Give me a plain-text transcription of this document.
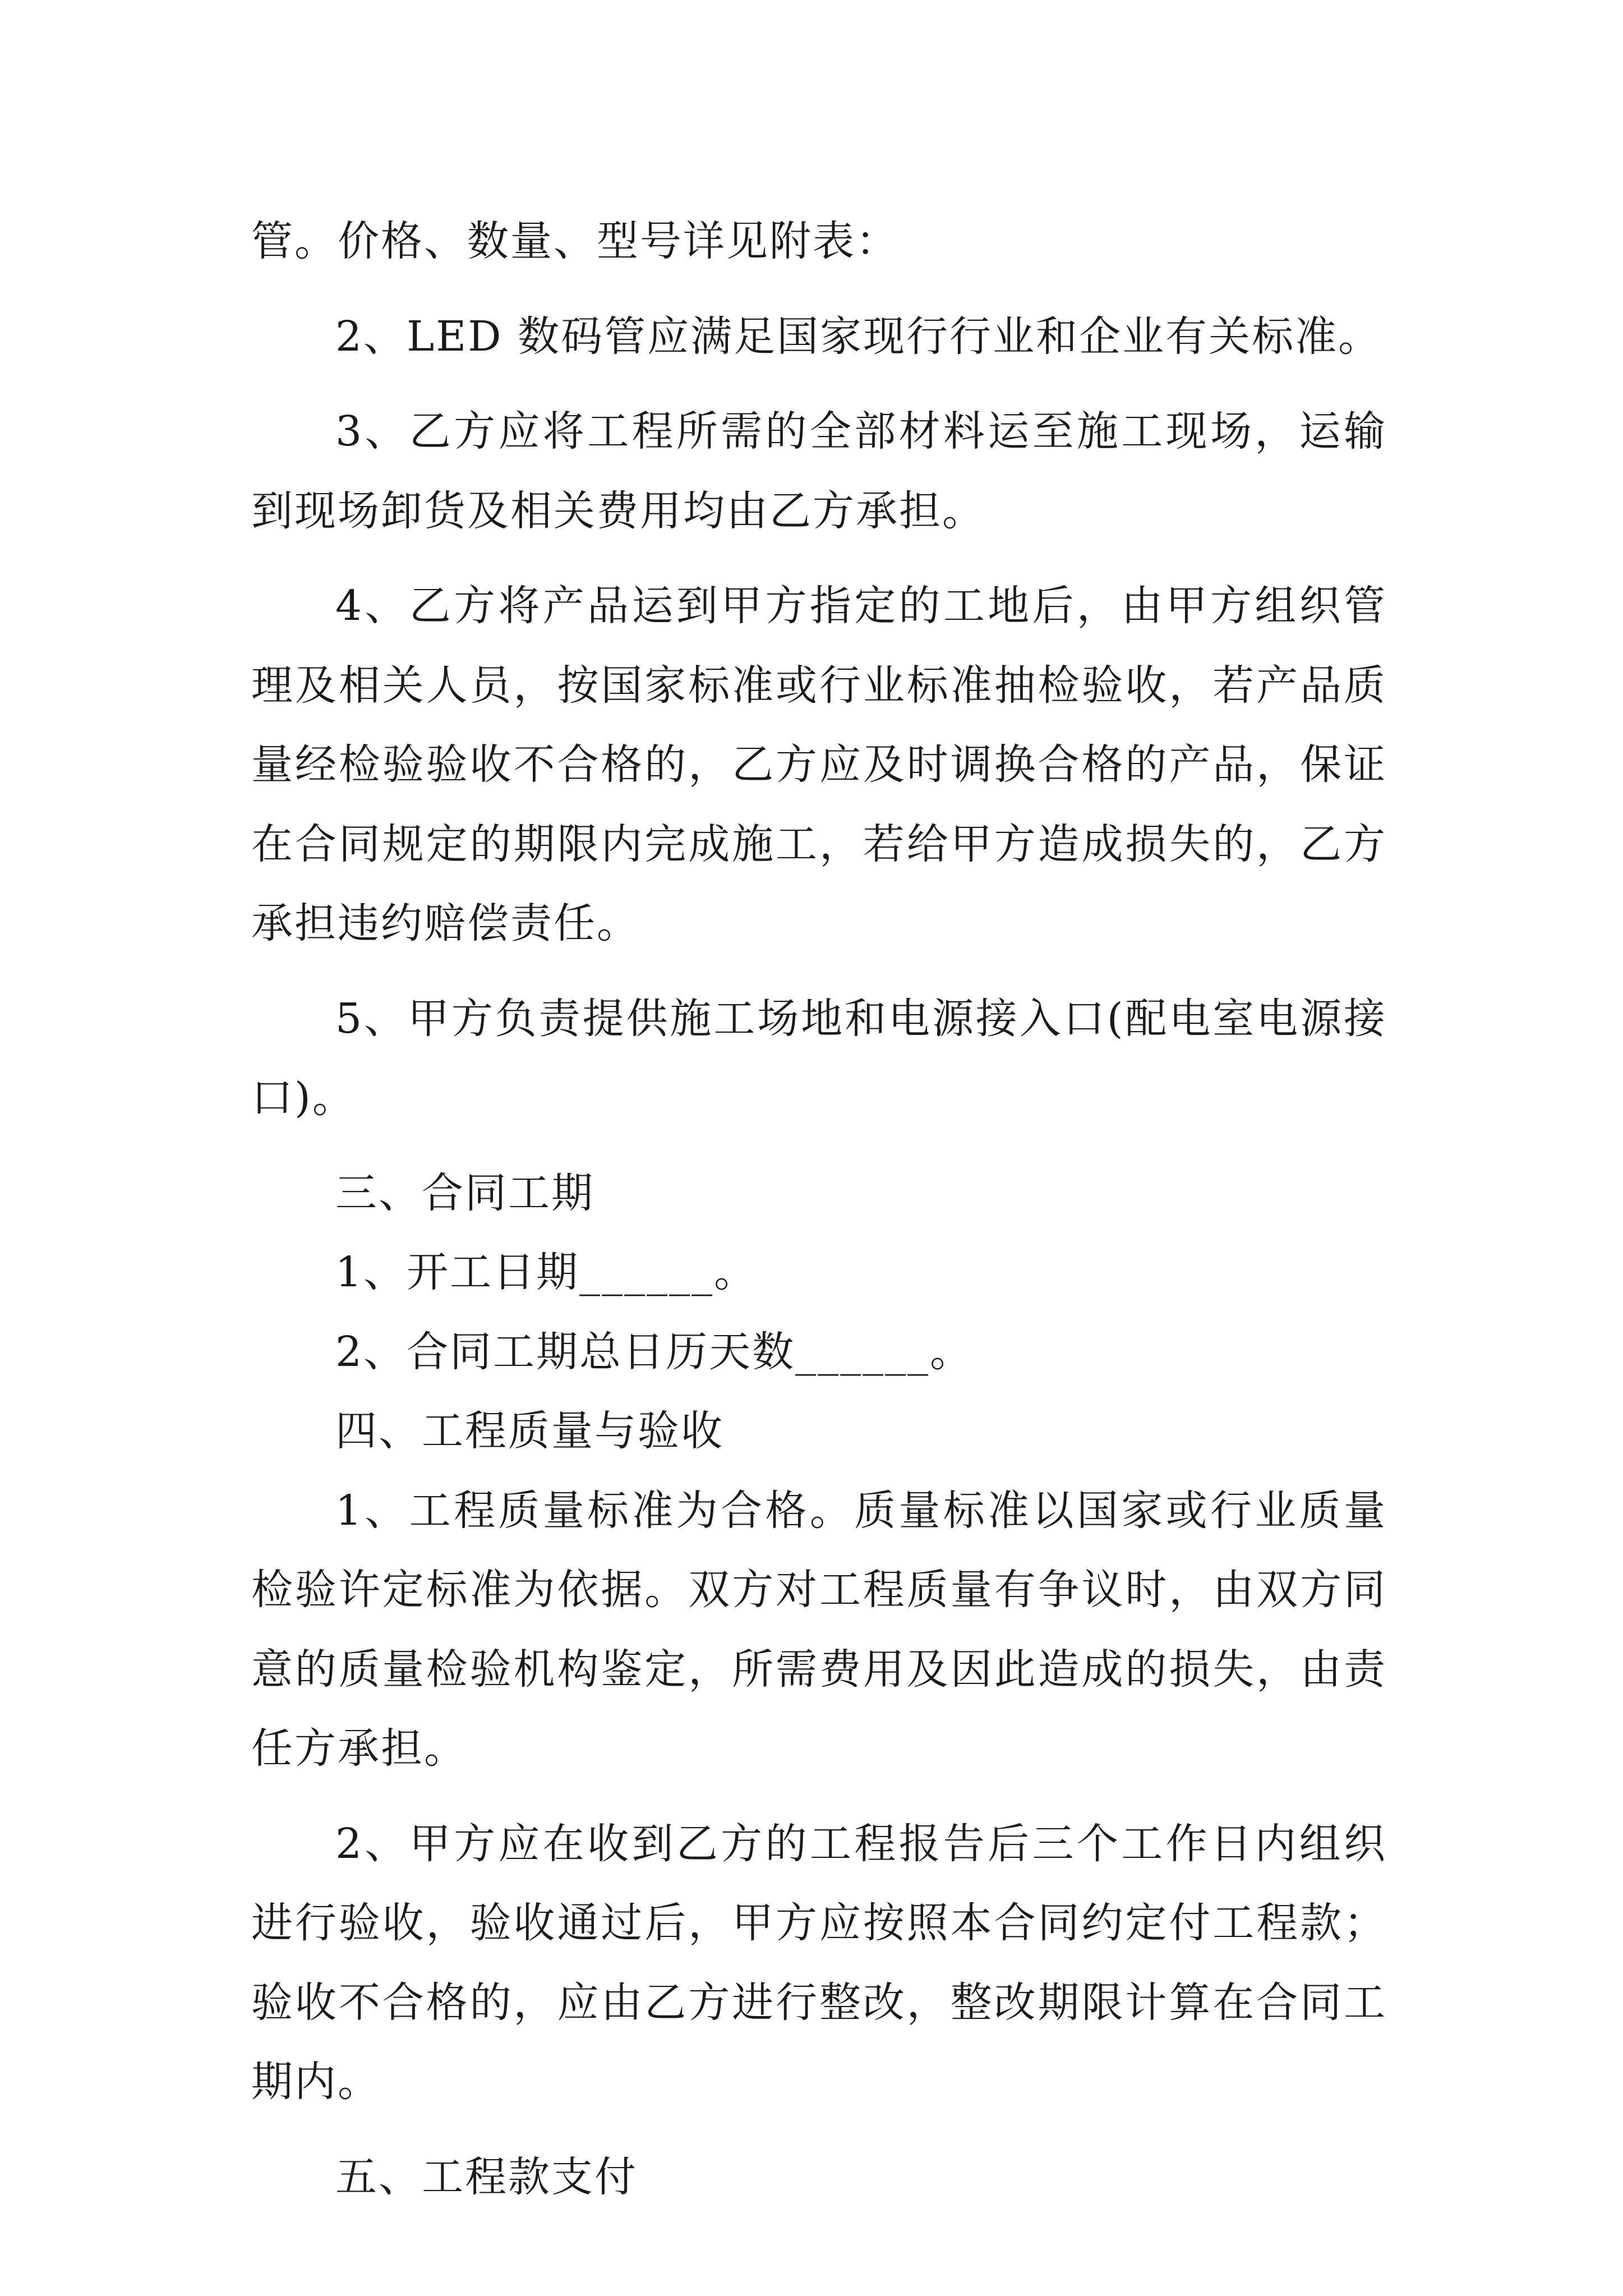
管。价格、数量、型号详见附表：

2、LED 数码管应满足国家现行行业和企业有关标准。

3、乙方应将工程所需的全部材料运至施工现场，运输到现场卸货及相关费用均由乙方承担。

4、乙方将产品运到甲方指定的工地后，由甲方组织管理及相关人员，按国家标准或行业标准抽检验收，若产品质量经检验验收不合格的，乙方应及时调换合格的产品，保证在合同规定的期限内完成施工，若给甲方造成损失的，乙方承担违约赔偿责任。

5、甲方负责提供施工场地和电源接入口(配电室电源接口)。

三、合同工期

1、开工日期______。

2、合同工期总日历天数______。

四、工程质量与验收

1、工程质量标准为合格。质量标准以国家或行业质量检验许定标准为依据。双方对工程质量有争议时，由双方同意的质量检验机构鉴定，所需费用及因此造成的损失，由责任方承担。

2、甲方应在收到乙方的工程报告后三个工作日内组织进行验收，验收通过后，甲方应按照本合同约定付工程款；验收不合格的，应由乙方进行整改，整改期限计算在合同工期内。

五、工程款支付
